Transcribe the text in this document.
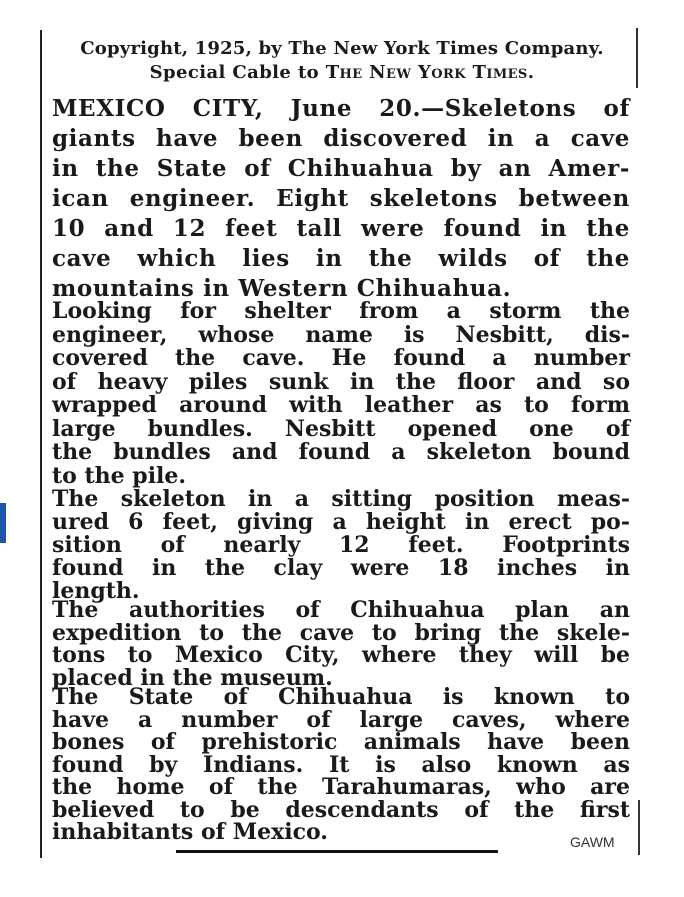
Copyright, 1925, by The New York Times Company.
Special Cable to The New York Times.
MEXICO CITY, June 20.—Skeletons of
giants have been discovered in a cave
in the State of Chihuahua by an Amer-
ican engineer. Eight skeletons between
10 and 12 feet tall were found in the
cave which lies in the wilds of the
mountains in Western Chihuahua.
Looking for shelter from a storm the
engineer, whose name is Nesbitt, dis-
covered the cave. He found a number
of heavy piles sunk in the floor and so
wrapped around with leather as to form
large bundles. Nesbitt opened one of
the bundles and found a skeleton bound
to the pile.
The skeleton in a sitting position meas-
ured 6 feet, giving a height in erect po-
sition of nearly 12 feet. Footprints
found in the clay were 18 inches in
length.
The authorities of Chihuahua plan an
expedition to the cave to bring the skele-
tons to Mexico City, where they will be
placed in the museum.
The State of Chihuahua is known to
have a number of large caves, where
bones of prehistoric animals have been
found by Indians. It is also known as
the home of the Tarahumaras, who are
believed to be descendants of the first
inhabitants of Mexico.	GAWM
